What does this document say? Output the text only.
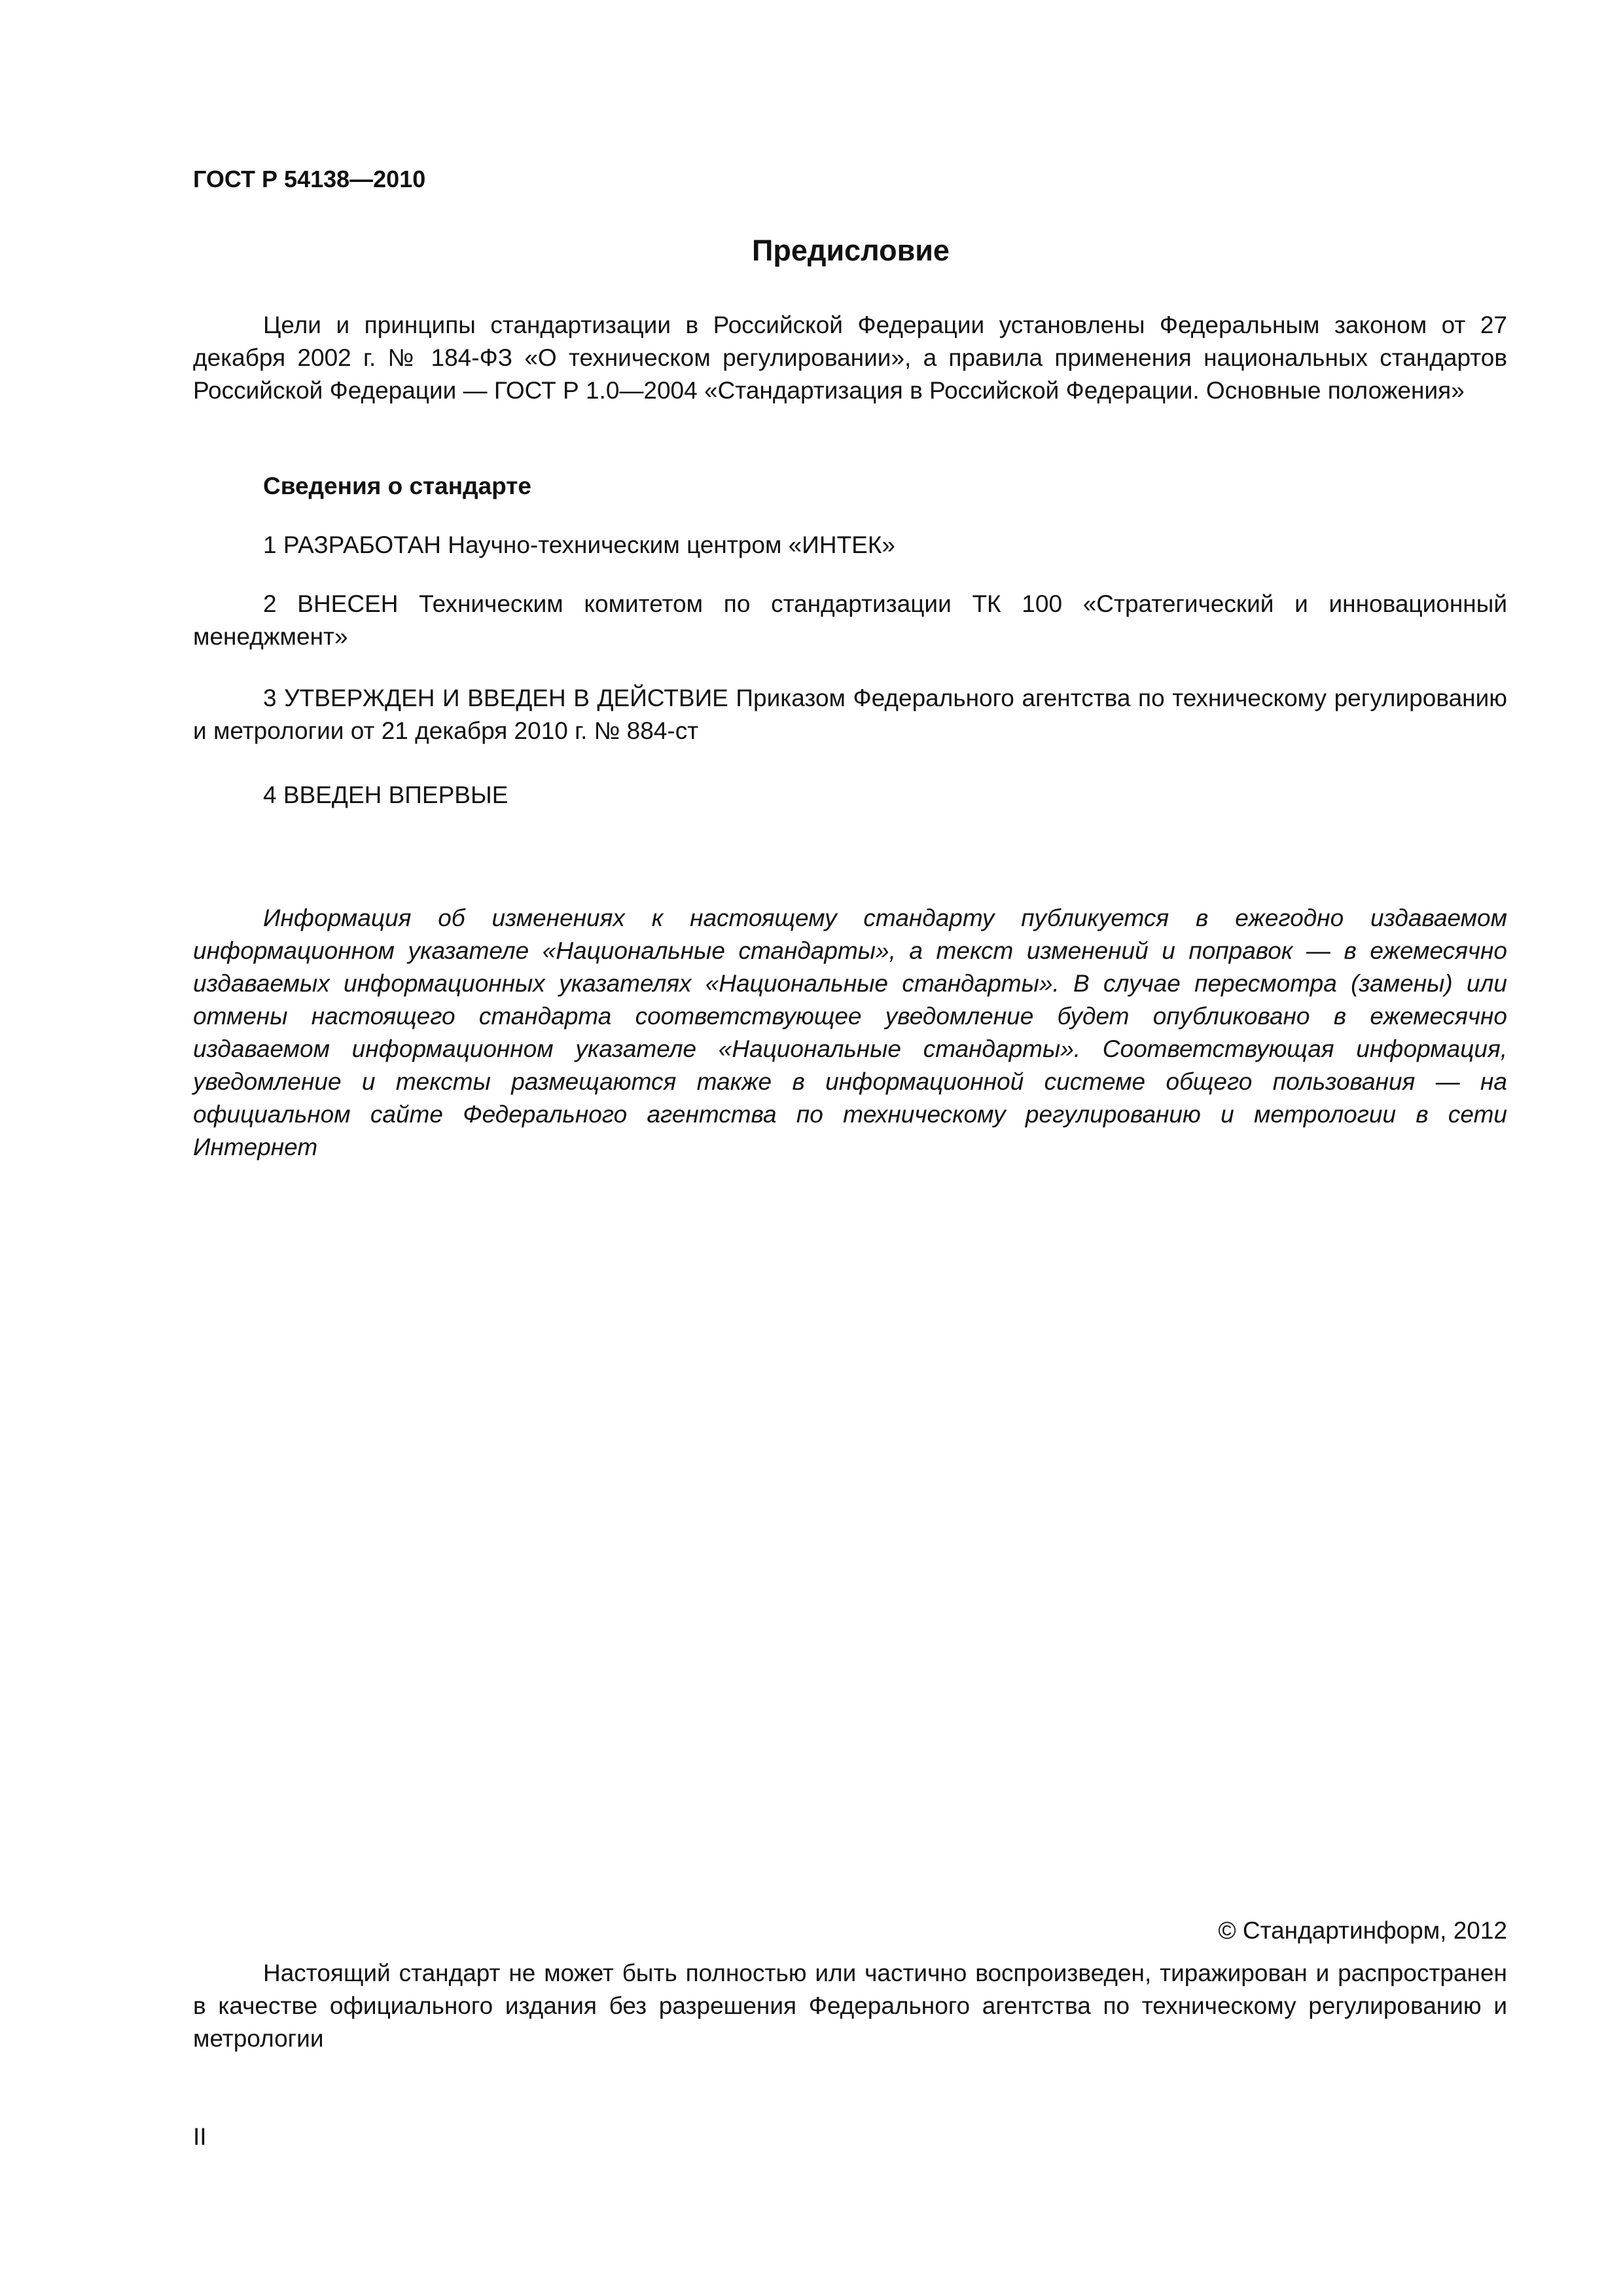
ГОСТ Р 54138—2010
Предисловие

Цели и принципы стандартизации в Российской Федерации установлены Федеральным законом от 27 декабря 2002 г. № 184-ФЗ «О техническом регулировании», а правила применения национальных стандартов Российской Федерации — ГОСТ Р 1.0—2004 «Стандартизация в Российской Федерации. Основные положения»

Сведения о стандарте

1 РАЗРАБОТАН Научно-техническим центром «ИНТЕК»

2 ВНЕСЕН Техническим комитетом по стандартизации ТК 100 «Стратегический и инновационный менеджмент»

3 УТВЕРЖДЕН И ВВЕДЕН В ДЕЙСТВИЕ Приказом Федерального агентства по техническому регулированию и метрологии от 21 декабря 2010 г. № 884-ст

4 ВВЕДЕН ВПЕРВЫЕ

Информация об изменениях к настоящему стандарту публикуется в ежегодно издаваемом информационном указателе «Национальные стандарты», а текст изменений и поправок — в ежемесячно издаваемых информационных указателях «Национальные стандарты». В случае пересмотра (замены) или отмены настоящего стандарта соответствующее уведомление будет опубликовано в ежемесячно издаваемом информационном указателе «Национальные стандарты». Соответствующая информация, уведомление и тексты размещаются также в информационной системе общего пользования — на официальном сайте Федерального агентства по техническому регулированию и метрологии в сети Интернет

© Стандартинформ, 2012

Настоящий стандарт не может быть полностью или частично воспроизведен, тиражирован и распространен в качестве официального издания без разрешения Федерального агентства по техническому регулированию и метрологии

II
